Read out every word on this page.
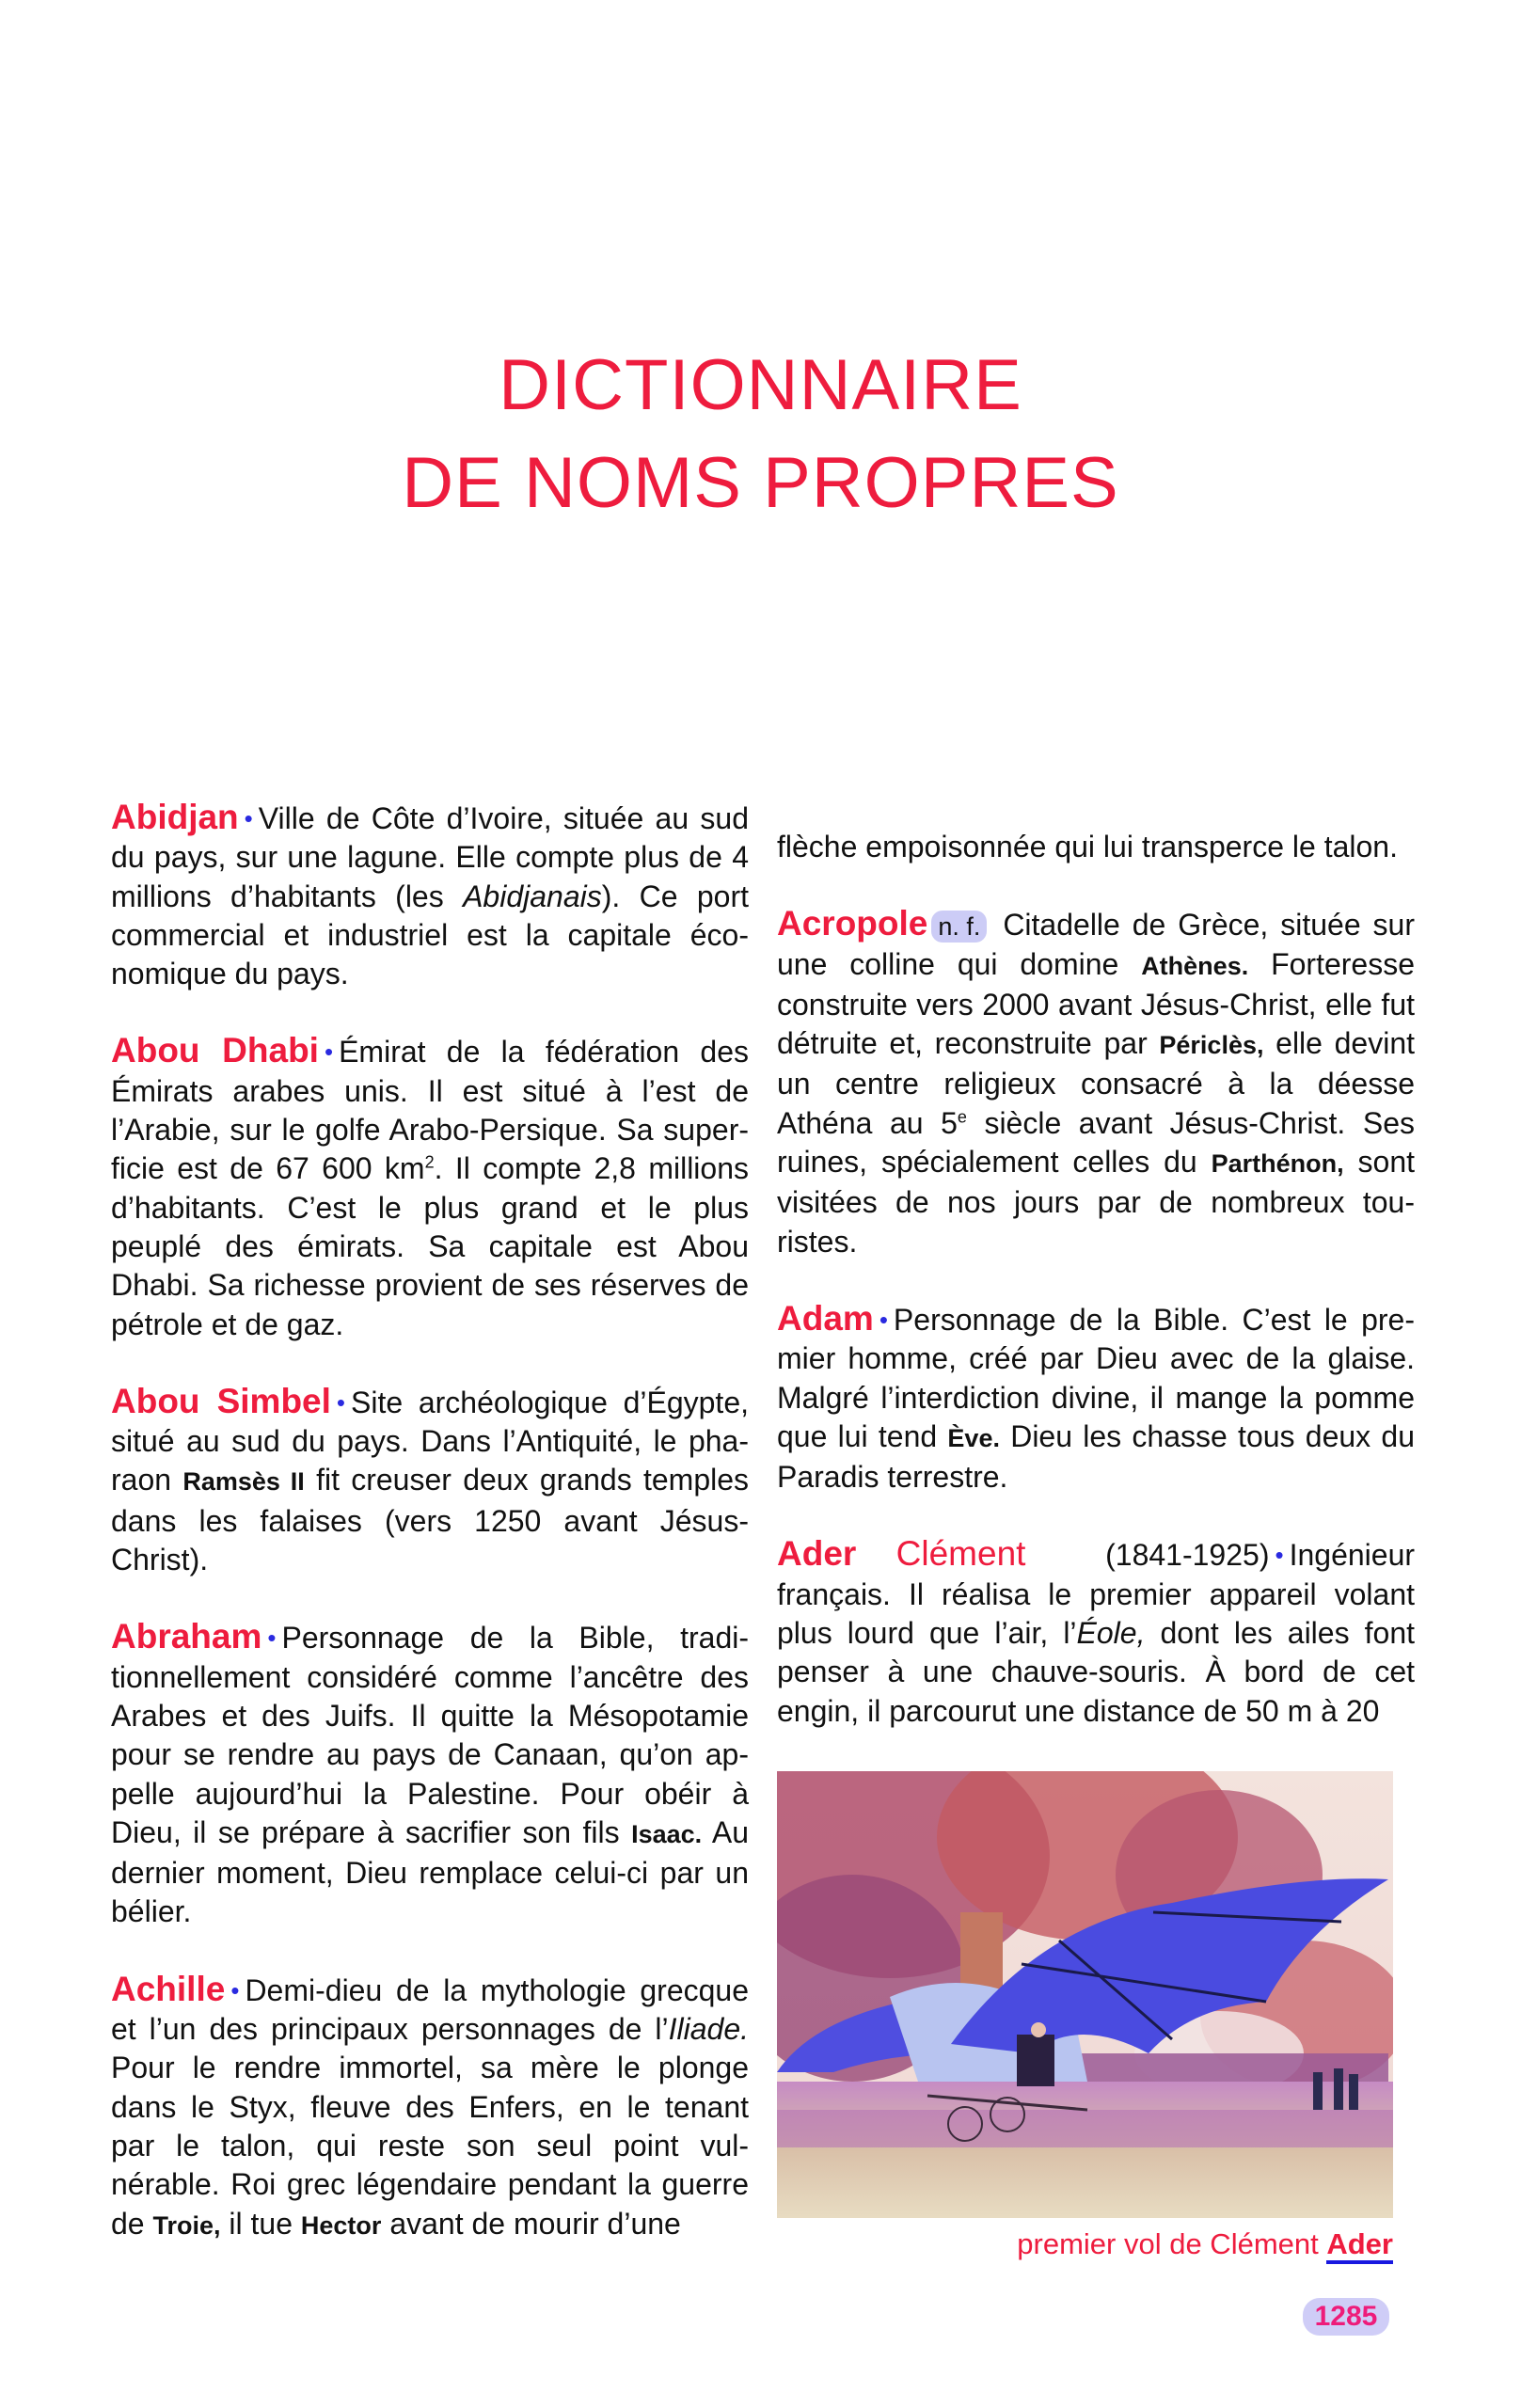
DICTIONNAIRE
DE NOMS PROPRES

Abidjan • Ville de Côte d’Ivoire, située au sud du pays, sur une lagune. Elle compte plus de 4 millions d’habitants (les Abidjanais). Ce port commercial et industriel est la capitale éco-nomique du pays.

Abou Dhabi • Émirat de la fédération des Émirats arabes unis. Il est situé à l’est de l’Arabie, sur le golfe Arabo-Persique. Sa super-ficie est de 67 600 $km^2$. Il compte 2,8 millions d’habitants. C’est le plus grand et le plus peuplé des émirats. Sa capitale est Abou Dhabi. Sa richesse provient de ses réserves de pétrole et de gaz.

Abou Simbel • Site archéologique d’Égypte, situé au sud du pays. Dans l’Antiquité, le pha-raon Ramsès II fit creuser deux grands temples dans les falaises (vers 1250 avant Jésus-Christ).

Abraham • Personnage de la Bible, tradi-tionnellement considéré comme l’ancêtre des Arabes et des Juifs. Il quitte la Mésopotamie pour se rendre au pays de Canaan, qu’on ap-pelle aujourd’hui la Palestine. Pour obéir à Dieu, il se prépare à sacrifier son fils Isaac. Au dernier moment, Dieu remplace celui-ci par un bélier.

Achille • Demi-dieu de la mythologie grecque et l’un des principaux personnages de l’Iliade. Pour le rendre immortel, sa mère le plonge dans le Styx, fleuve des Enfers, en le tenant par le talon, qui reste son seul point vul-nérable. Roi grec légendaire pendant la guerre de Troie, il tue Hector avant de mourir d’une

flèche empoisonnée qui lui transperce le talon.

Acropole n. f. Citadelle de Grèce, située sur une colline qui domine Athènes. Forteresse construite vers 2000 avant Jésus-Christ, elle fut détruite et, reconstruite par Périclès, elle devint un centre religieux consacré à la déesse Athéna au 5e siècle avant Jésus-Christ. Ses ruines, spécialement celles du Parthénon, sont visitées de nos jours par de nombreux tou-ristes.

Adam • Personnage de la Bible. C’est le pre-mier homme, créé par Dieu avec de la glaise. Malgré l’interdiction divine, il mange la pomme que lui tend Ève. Dieu les chasse tous deux du Paradis terrestre.

Ader Clément	(1841-1925) • Ingénieur français. Il réalisa le premier appareil volant plus lourd que l’air, l’Éole, dont les ailes font penser à une chauve-souris. À bord de cet engin, il parcourut une distance de 50 m à 20

premier vol de Clément Ader
1285
